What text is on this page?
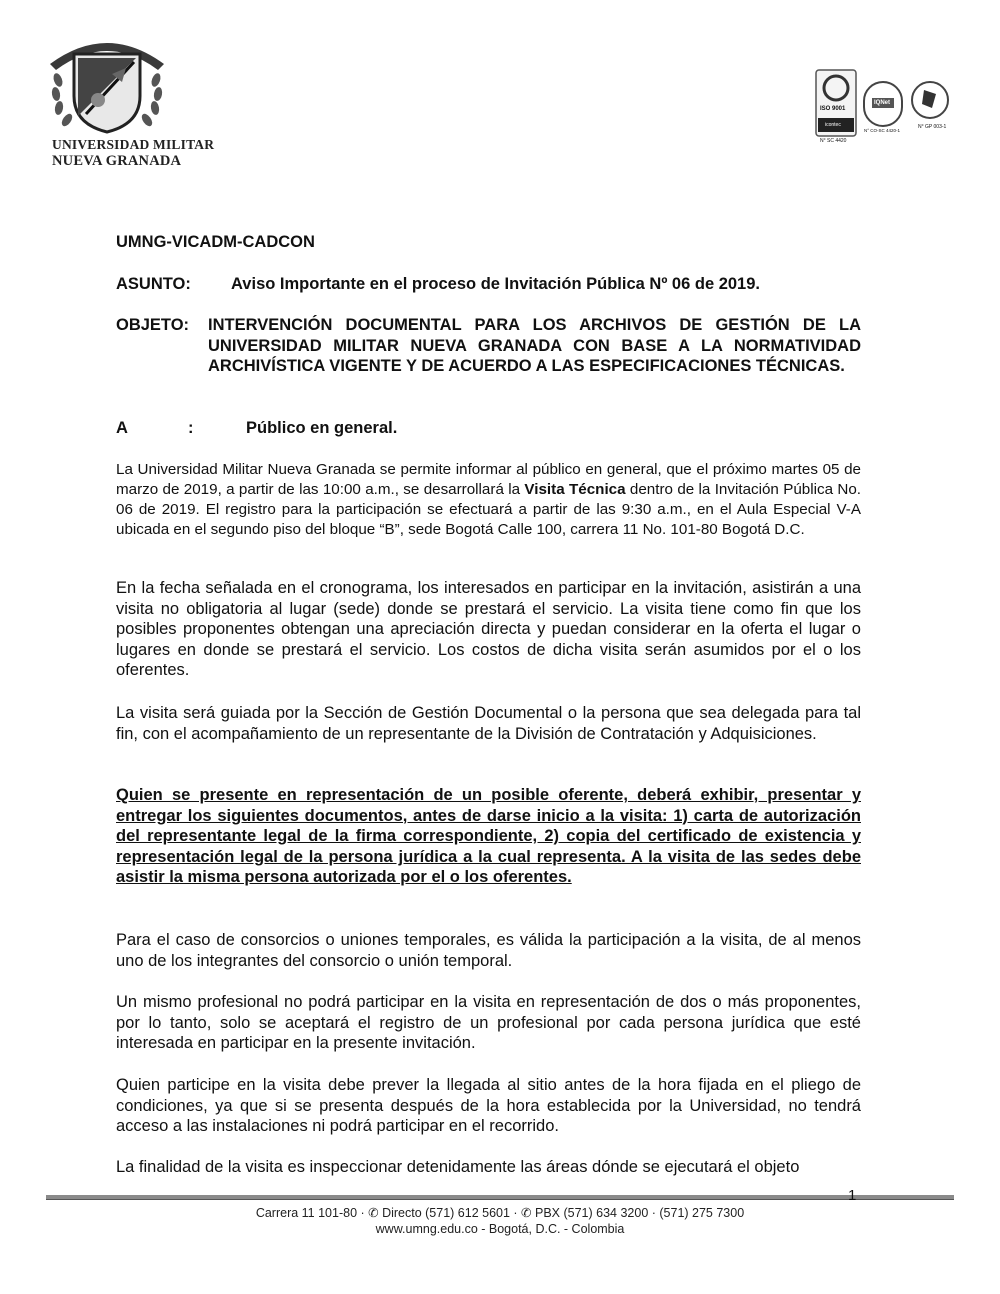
UNIVERSIDAD MILITAR
NUEVA GRANADA
ISO 9001
icontec
N° SC 4420
IQNet
N° CO-SC 4420-1
N° GP 003-1
UMNG-VICADM-CADCON
ASUNTO: Aviso Importante en el proceso de Invitación Pública Nº 06 de 2019.
OBJETO: INTERVENCIÓN DOCUMENTAL PARA LOS ARCHIVOS DE GESTIÓN DE LA UNIVERSIDAD MILITAR NUEVA GRANADA CON BASE A LA NORMATIVIDAD ARCHIVÍSTICA VIGENTE Y DE ACUERDO A LAS ESPECIFICACIONES TÉCNICAS.
A	:	Público en general.

La Universidad Militar Nueva Granada se permite informar al público en general, que el próximo martes 05 de marzo de 2019, a partir de las 10:00 a.m., se desarrollará la Visita Técnica dentro de la Invitación Pública No. 06 de 2019. El registro para la participación se efectuará a partir de las 9:30 a.m., en el Aula Especial V-A ubicada en el segundo piso del bloque “B”, sede Bogotá Calle 100, carrera 11 No. 101-80 Bogotá D.C.

En la fecha señalada en el cronograma, los interesados en participar en la invitación, asistirán a una visita no obligatoria al lugar (sede) donde se prestará el servicio. La visita tiene como fin que los posibles proponentes obtengan una apreciación directa y puedan considerar en la oferta el lugar o lugares en donde se prestará el servicio. Los costos de dicha visita serán asumidos por el o los oferentes.

La visita será guiada por la Sección de Gestión Documental o la persona que sea delegada para tal fin, con el acompañamiento de un representante de la División de Contratación y Adquisiciones.

Quien se presente en representación de un posible oferente, deberá exhibir, presentar y entregar los siguientes documentos, antes de darse inicio a la visita: 1) carta de autorización del representante legal de la firma correspondiente, 2) copia del certificado de existencia y representación legal de la persona jurídica a la cual representa. A la visita de las sedes debe asistir la misma persona autorizada por el o los oferentes.

Para el caso de consorcios o uniones temporales, es válida la participación a la visita, de al menos uno de los integrantes del consorcio o unión temporal.

Un mismo profesional no podrá participar en la visita en representación de dos o más proponentes, por lo tanto, solo se aceptará el registro de un profesional por cada persona jurídica que esté interesada en participar en la presente invitación.

Quien participe en la visita debe prever la llegada al sitio antes de la hora fijada en el pliego de condiciones, ya que si se presenta después de la hora establecida por la Universidad, no tendrá acceso a las instalaciones ni podrá participar en el recorrido.

La finalidad de la visita es inspeccionar detenidamente las áreas dónde se ejecutará el objeto

1
Carrera 11 101-80 · ✆ Directo (571) 612 5601 · ✆ PBX (571) 634 3200 · (571) 275 7300
www.umng.edu.co - Bogotá, D.C. - Colombia
